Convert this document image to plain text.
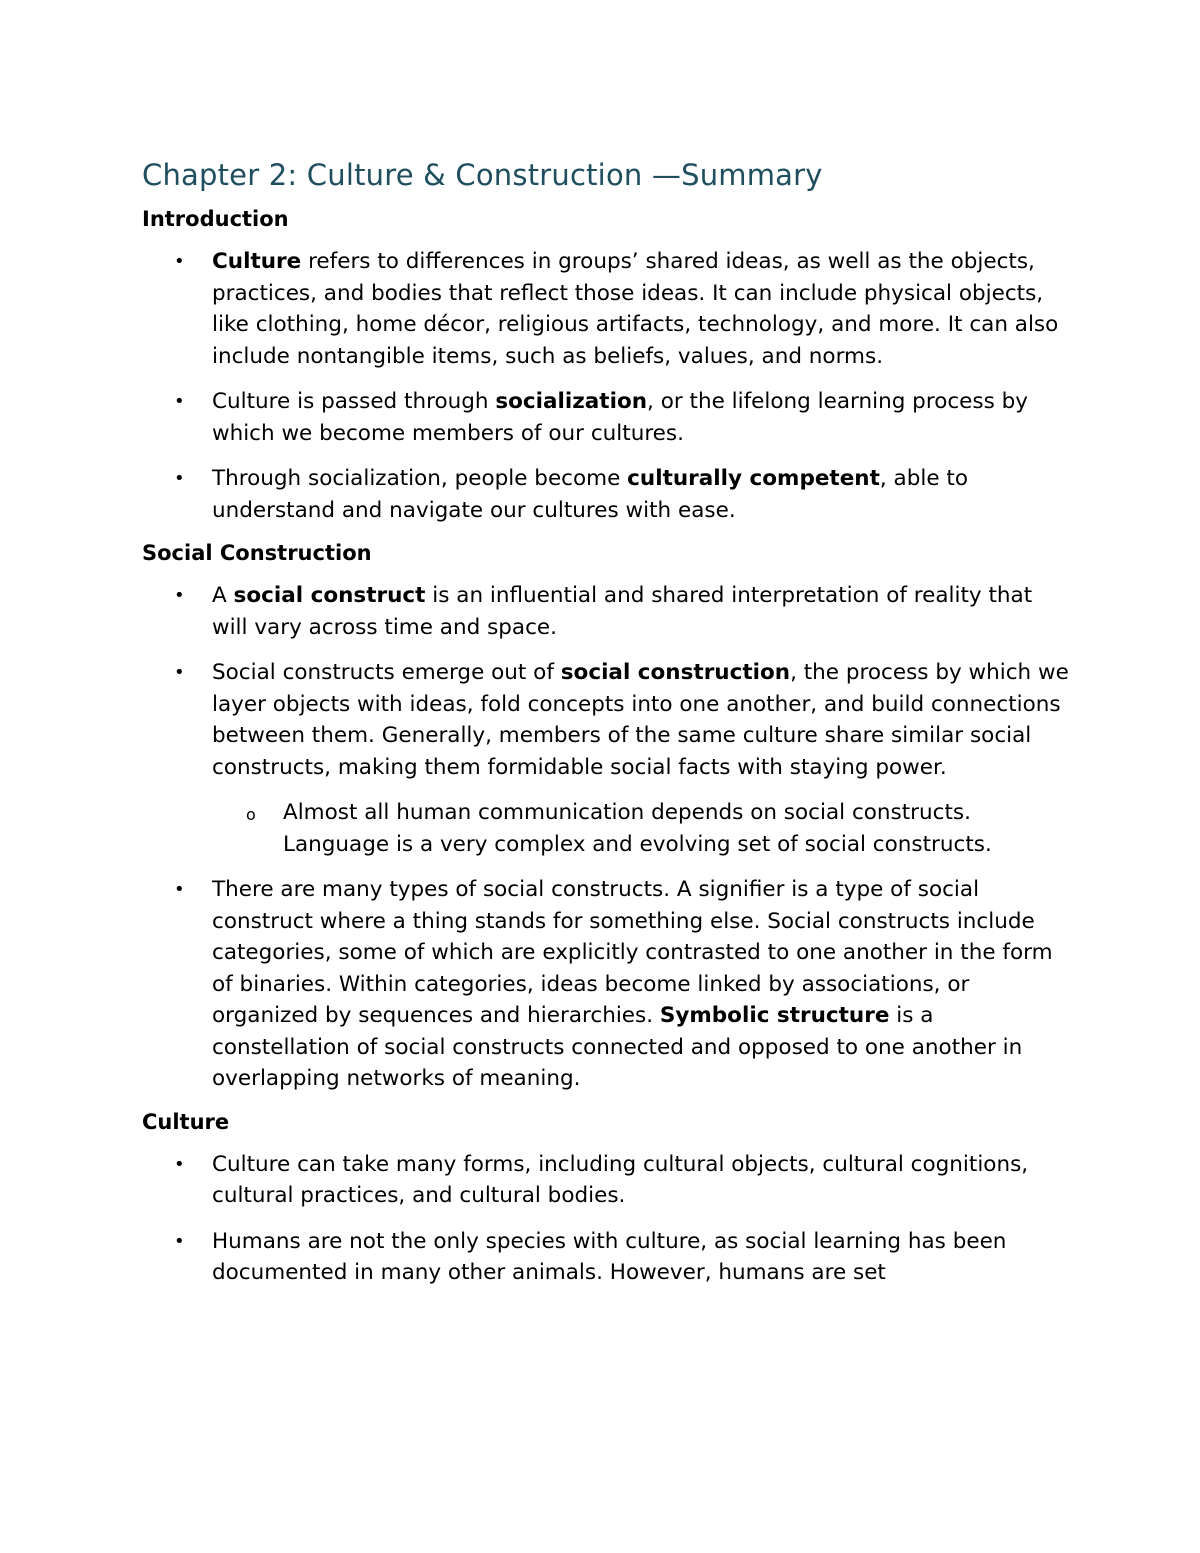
Chapter 2: Culture & Construction —Summary
Introduction
• Culture refers to differences in groups’ shared ideas, as well as the objects, practices, and bodies that reflect those ideas. It can include physical objects, like clothing, home décor, religious artifacts, technology, and more. It can also include nontangible items, such as beliefs, values, and norms.
• Culture is passed through socialization, or the lifelong learning process by which we become members of our cultures.
• Through socialization, people become culturally competent, able to understand and navigate our cultures with ease.
Social Construction
• A social construct is an influential and shared interpretation of reality that will vary across time and space.
• Social constructs emerge out of social construction, the process by which we layer objects with ideas, fold concepts into one another, and build connections between them. Generally, members of the same culture share similar social constructs, making them formidable social facts with staying power.
o Almost all human communication depends on social constructs. Language is a very complex and evolving set of social constructs.
• There are many types of social constructs. A signifier is a type of social construct where a thing stands for something else. Social constructs include categories, some of which are explicitly contrasted to one another in the form of binaries. Within categories, ideas become linked by associations, or organized by sequences and hierarchies. Symbolic structure is a constellation of social constructs connected and opposed to one another in overlapping networks of meaning.
Culture
• Culture can take many forms, including cultural objects, cultural cognitions, cultural practices, and cultural bodies.
• Humans are not the only species with culture, as social learning has been documented in many other animals. However, humans are set
